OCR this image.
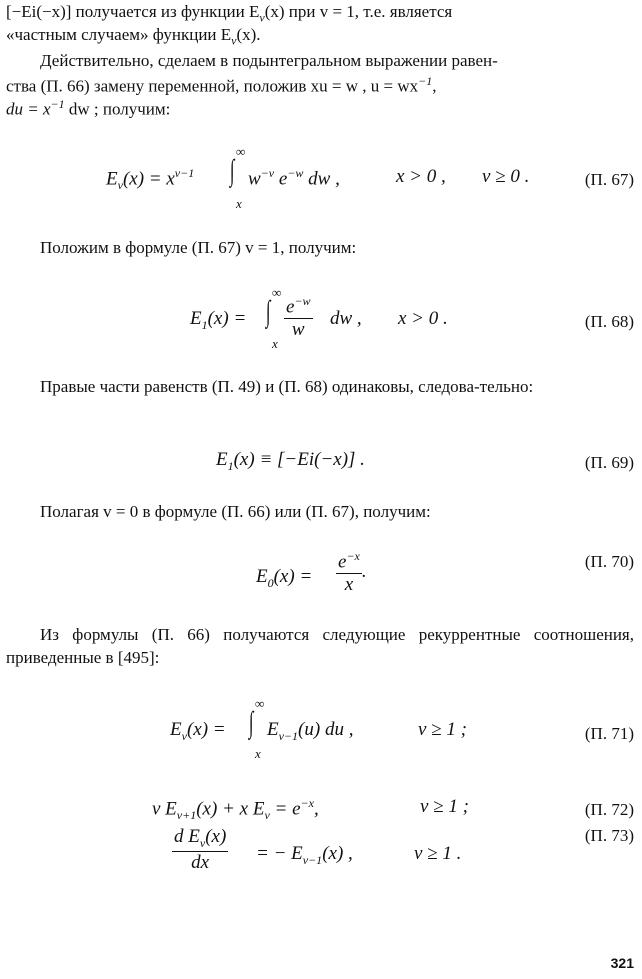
[−Ei(−x)] получается из функции $E_v(x)$ при v = 1, т.е. является
«частным случаем» функции $E_v(x)$.
Действительно, сделаем в подынтегральном выражении равен-
ства (П. 66) замену переменной, положив xu = w , $u = wx^{-1}$,
du = $x^{-1}$ dw ; получим:
∞
∫
x
$E_v(x) = x^{v-1}$	$w^{-v}$ $e^{-w}$ dw ,	x > 0 , v ≥ 0 .	(П. 67)
Положим в формуле (П. 67) v = 1, получим:
∞
∫
x
$E_1(x) = \frac{e^{-w}}{w}$ dw , x > 0 .	(П. 68)
Правые части равенств (П. 49) и (П. 68) одинаковы, следова-тельно:
$E_1(x) \equiv [-Ei(-x)]$ .	(П. 69)
Полагая v = 0 в формуле (П. 66) или (П. 67), получим:
$E_0(x) = \frac{e^{-x}}{x}$ .	(П. 70)
Из формулы (П. 66) получаются следующие рекуррентные соотношения, приведенные в [495]:
∞
∫
x
$E_v(x) = E_{v-1}(u)$ du ,	v ≥ 1 ;	(П. 71)
v $E_{v+1}(x) + x$ $E_v = e^{-x}$,	v ≥ 1 ;	(П. 72)
$\frac{d E_v(x)}{dx}$ = − $E_{v-1}(x)$ ,	v ≥ 1 .
(П. 73)
321
